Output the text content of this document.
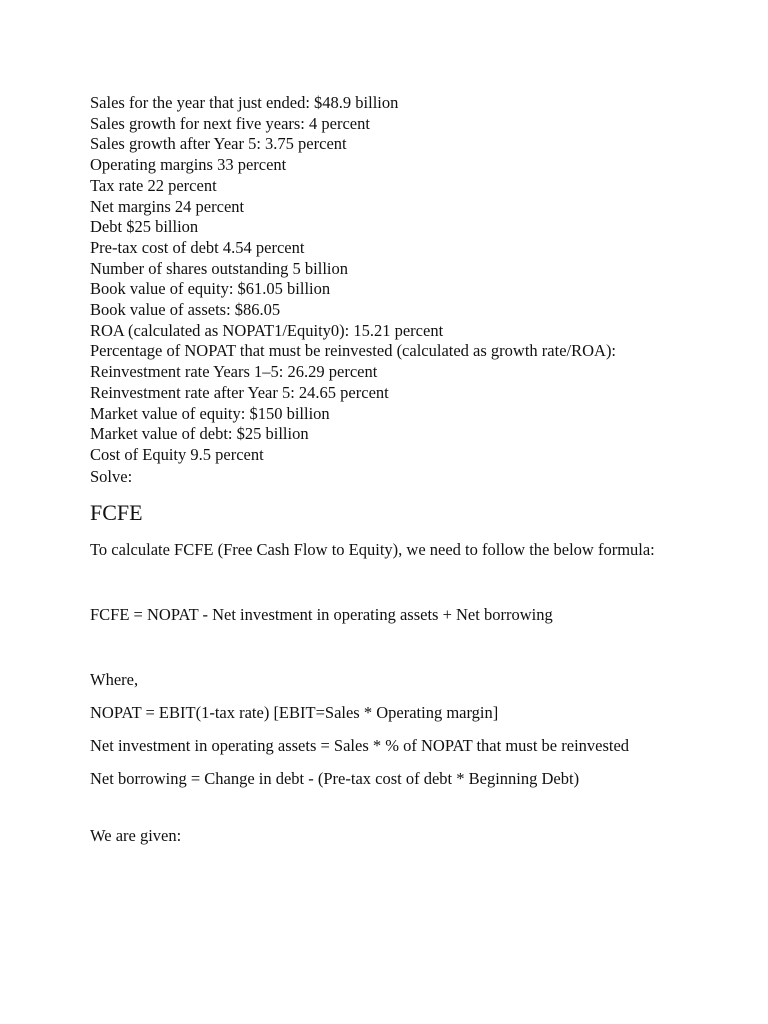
Sales for the year that just ended: $48.9 billion
Sales growth for next five years: 4 percent
Sales growth after Year 5: 3.75 percent
Operating margins 33 percent
Tax rate 22 percent
Net margins 24 percent
Debt $25 billion
Pre-tax cost of debt 4.54 percent
Number of shares outstanding 5 billion
Book value of equity: $61.05 billion
Book value of assets: $86.05
ROA (calculated as NOPAT1/Equity0): 15.21 percent
Percentage of NOPAT that must be reinvested (calculated as growth rate/ROA):
Reinvestment rate Years 1–5: 26.29 percent
Reinvestment rate after Year 5: 24.65 percent
Market value of equity: $150 billion
Market value of debt: $25 billion
Cost of Equity 9.5 percent

Solve:

FCFE

To calculate FCFE (Free Cash Flow to Equity), we need to follow the below formula:

FCFE = NOPAT - Net investment in operating assets + Net borrowing

Where,

NOPAT = EBIT(1-tax rate) [EBIT=Sales * Operating margin]

Net investment in operating assets = Sales * % of NOPAT that must be reinvested

Net borrowing = Change in debt - (Pre-tax cost of debt * Beginning Debt)

We are given:
